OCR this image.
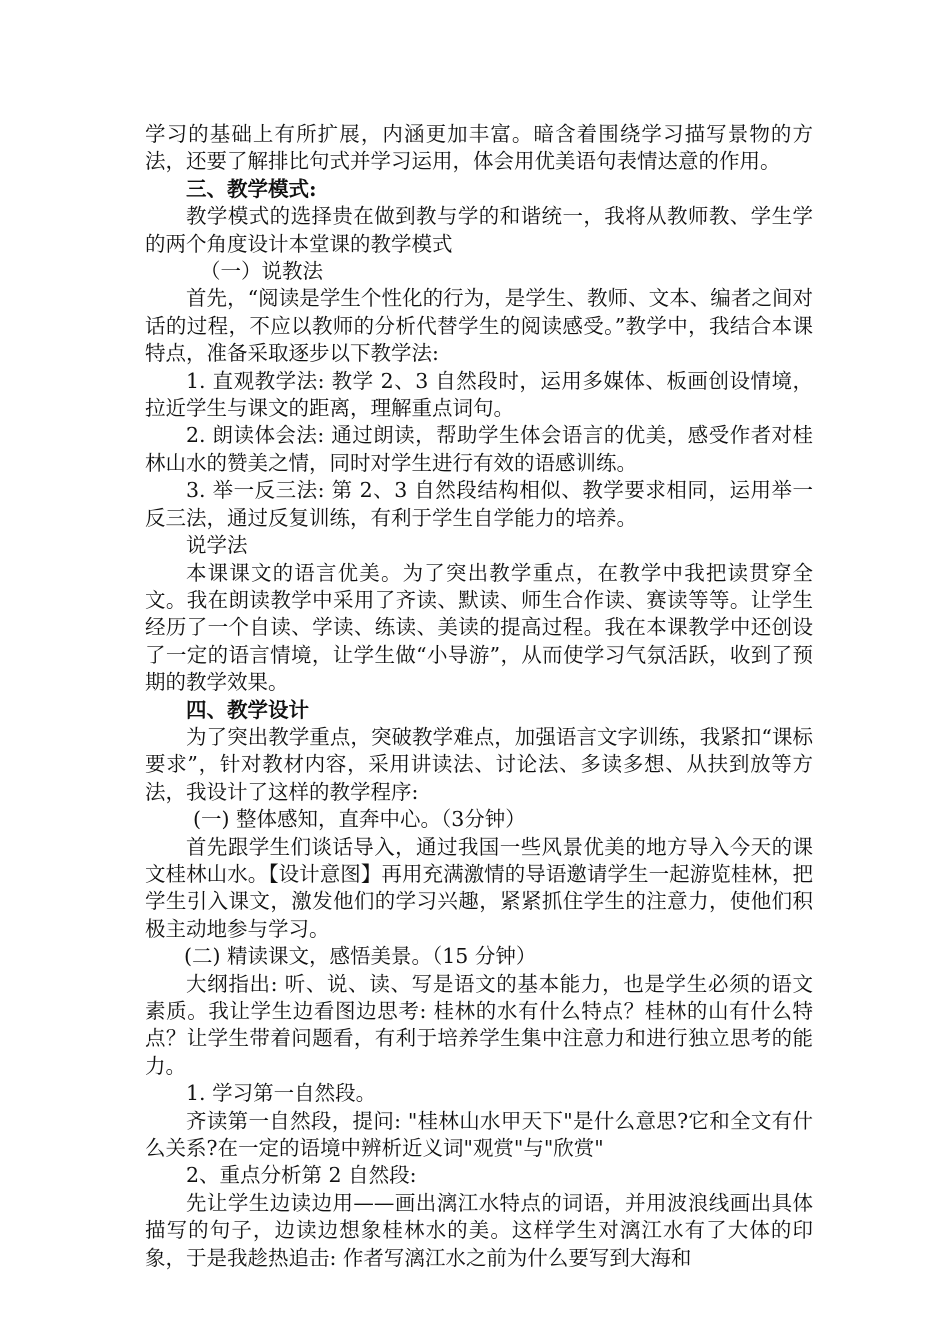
学习的基础上有所扩展，内涵更加丰富。暗含着围绕学习描写景物的方法，还要了解排比句式并学习运用，体会用优美语句表情达意的作用。

三、教学模式:

教学模式的选择贵在做到教与学的和谐统一，我将从教师教、学生学的两个角度设计本堂课的教学模式

（一）说教法

首先，“阅读是学生个性化的行为，是学生、教师、文本、编者之间对话的过程，不应以教师的分析代替学生的阅读感受。”教学中，我结合本课特点，准备采取逐步以下教学法:

1. 直观教学法: 教学 2、3 自然段时，运用多媒体、板画创设情境，拉近学生与课文的距离，理解重点词句。

2. 朗读体会法: 通过朗读，帮助学生体会语言的优美，感受作者对桂林山水的赞美之情，同时对学生进行有效的语感训练。

3. 举一反三法: 第 2、3 自然段结构相似、教学要求相同，运用举一反三法，通过反复训练，有利于学生自学能力的培养。

说学法

本课课文的语言优美。为了突出教学重点，在教学中我把读贯穿全文。我在朗读教学中采用了齐读、默读、师生合作读、赛读等等。让学生经历了一个自读、学读、练读、美读的提高过程。我在本课教学中还创设了一定的语言情境，让学生做“小导游”，从而使学习气氛活跃，收到了预期的教学效果。

四、教学设计

为了突出教学重点，突破教学难点，加强语言文字训练，我紧扣“课标要求”，针对教材内容，采用讲读法、讨论法、多读多想、从扶到放等方法，我设计了这样的教学程序:

(一) 整体感知，直奔中心。（3分钟）

首先跟学生们谈话导入，通过我国一些风景优美的地方导入今天的课文桂林山水。【设计意图】再用充满激情的导语邀请学生一起游览桂林，把学生引入课文，激发他们的学习兴趣，紧紧抓住学生的注意力，使他们积极主动地参与学习。

(二) 精读课文，感悟美景。（15 分钟）

大纲指出: 听、说、读、写是语文的基本能力，也是学生必须的语文素质。我让学生边看图边思考: 桂林的水有什么特点？桂林的山有什么特点？让学生带着问题看，有利于培养学生集中注意力和进行独立思考的能力。

1. 学习第一自然段。

齐读第一自然段，提问: "桂林山水甲天下"是什么意思?它和全文有什么关系?在一定的语境中辨析近义词"观赏"与"欣赏"

2、重点分析第 2 自然段:

先让学生边读边用——画出漓江水特点的词语，并用波浪线画出具体描写的句子，边读边想象桂林水的美。这样学生对漓江水有了大体的印象，于是我趁热追击: 作者写漓江水之前为什么要写到大海和
